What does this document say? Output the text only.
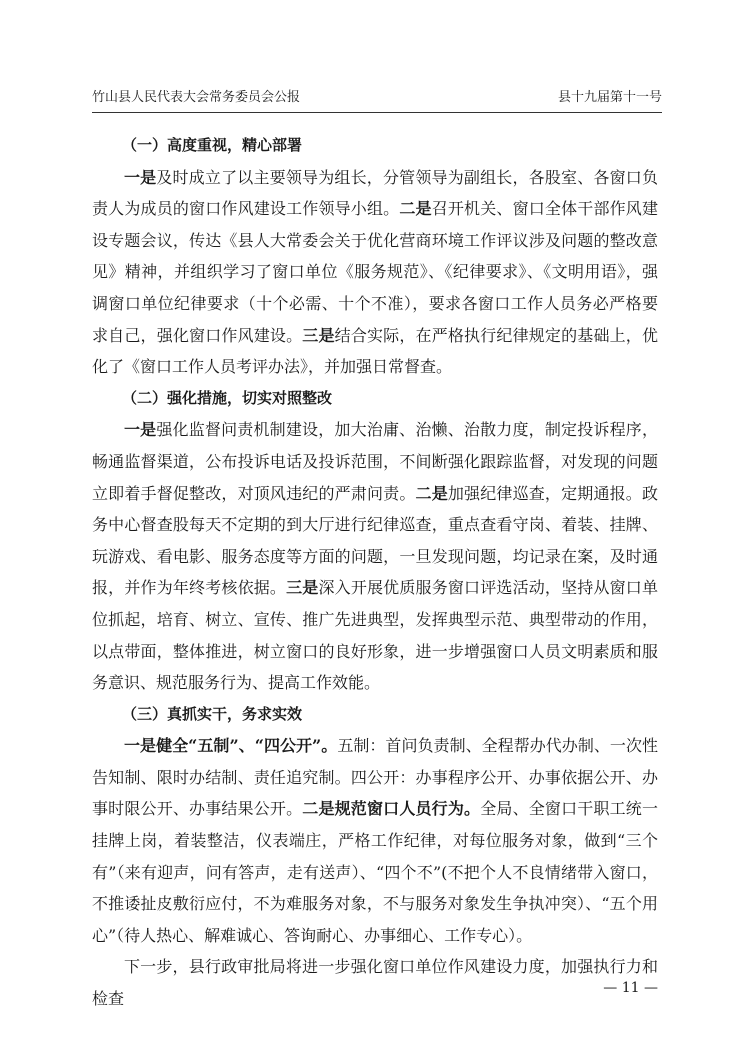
竹山县人民代表大会常务委员会公报	县十九届第十一号
（一）高度重视，精心部署

一是及时成立了以主要领导为组长，分管领导为副组长，各股室、各窗口负责人为成员的窗口作风建设工作领导小组。二是召开机关、窗口全体干部作风建设专题会议，传达《县人大常委会关于优化营商环境工作评议涉及问题的整改意见》精神，并组织学习了窗口单位《服务规范》、《纪律要求》、《文明用语》，强调窗口单位纪律要求（十个必需、十个不准），要求各窗口工作人员务必严格要求自己，强化窗口作风建设。三是结合实际，在严格执行纪律规定的基础上，优化了《窗口工作人员考评办法》，并加强日常督查。

（二）强化措施，切实对照整改

一是强化监督问责机制建设，加大治庸、治懒、治散力度，制定投诉程序，畅通监督渠道，公布投诉电话及投诉范围，不间断强化跟踪监督，对发现的问题立即着手督促整改，对顶风违纪的严肃问责。二是加强纪律巡查，定期通报。政务中心督查股每天不定期的到大厅进行纪律巡查，重点查看守岗、着装、挂牌、玩游戏、看电影、服务态度等方面的问题，一旦发现问题，均记录在案，及时通报，并作为年终考核依据。三是深入开展优质服务窗口评选活动，坚持从窗口单位抓起，培育、树立、宣传、推广先进典型，发挥典型示范、典型带动的作用，以点带面，整体推进，树立窗口的良好形象，进一步增强窗口人员文明素质和服务意识、规范服务行为、提高工作效能。

（三）真抓实干，务求实效

一是健全“五制”、“四公开”。五制：首问负责制、全程帮办代办制、一次性告知制、限时办结制、责任追究制。四公开：办事程序公开、办事依据公开、办事时限公开、办事结果公开。二是规范窗口人员行为。全局、全窗口干职工统一挂牌上岗，着装整洁，仪表端庄，严格工作纪律，对每位服务对象，做到“三个有”（来有迎声，问有答声，走有送声）、“四个不”(不把个人不良情绪带入窗口，不推诿扯皮敷衍应付，不为难服务对象，不与服务对象发生争执冲突）、“五个用心”（待人热心、解难诚心、答询耐心、办事细心、工作专心）。

下一步，县行政审批局将进一步强化窗口单位作风建设力度，加强执行力和检查

— 11 —
